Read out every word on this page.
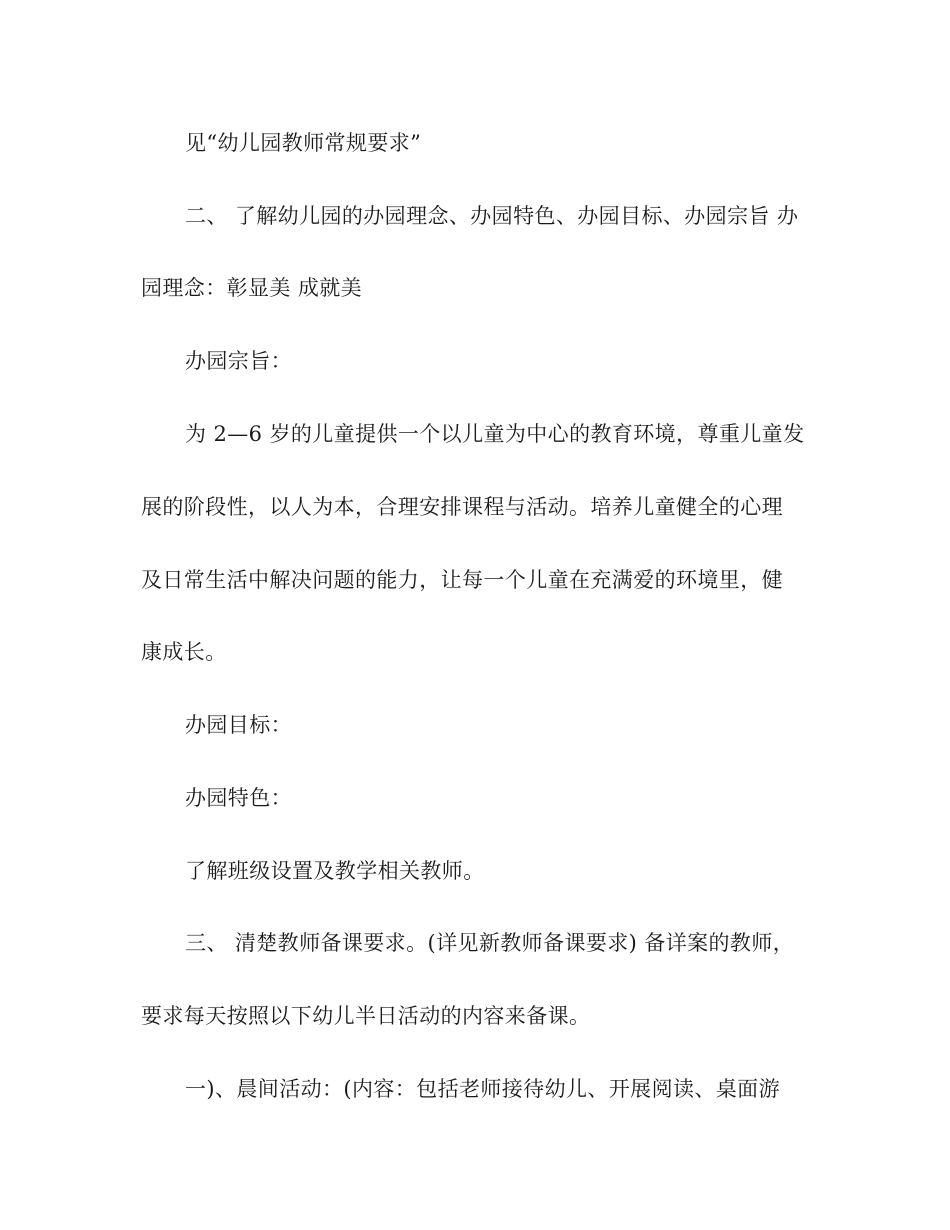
见“幼儿园教师常规要求”
二、 了解幼儿园的办园理念、办园特色、办园目标、办园宗旨 办
园理念：彰显美 成就美
办园宗旨：
为 2—6 岁的儿童提供一个以儿童为中心的教育环境，尊重儿童发
展的阶段性，以人为本，合理安排课程与活动。培养儿童健全的心理
及日常生活中解决问题的能力，让每一个儿童在充满爱的环境里，健
康成长。
办园目标：
办园特色：
了解班级设置及教学相关教师。
三、 清楚教师备课要求。(详见新教师备课要求) 备详案的教师，
要求每天按照以下幼儿半日活动的内容来备课。
一)、晨间活动：(内容：包括老师接待幼儿、开展阅读、桌面游
